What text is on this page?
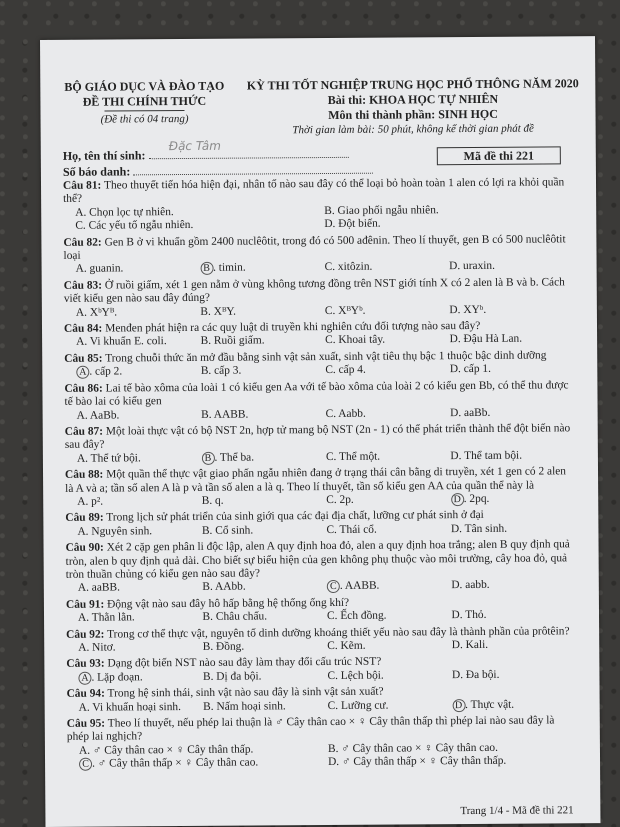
BỘ GIÁO DỤC VÀ ĐÀO TẠO
ĐỀ THI CHÍNH THỨC
(Đề thi có 04 trang)
KỲ THI TỐT NGHIỆP TRUNG HỌC PHỔ THÔNG NĂM 2020
Bài thi: KHOA HỌC TỰ NHIÊN
Môn thi thành phần: SINH HỌC
Thời gian làm bài: 50 phút, không kể thời gian phát đề
Họ, tên thí sinh:
Số báo danh:
Đặc Tâm
Mã đề thi 221
Câu 81: Theo thuyết tiến hóa hiện đại, nhân tố nào sau đây có thể loại bỏ hoàn toàn 1 alen có lợi ra khỏi quần thể?
A. Chọn lọc tự nhiên.	B. Giao phối ngẫu nhiên.
C. Các yếu tố ngẫu nhiên.	D. Đột biến.
Câu 82: Gen B ở vi khuẩn gồm 2400 nuclêôtit, trong đó có 500 ađênin. Theo lí thuyết, gen B có 500 nuclêôtit loại
A. guanin.	B . timin.	C. xitôzin.	D. uraxin.
Câu 83: Ở ruồi giấm, xét 1 gen nằm ở vùng không tương đồng trên NST giới tính X có 2 alen là B và b. Cách viết kiểu gen nào sau đây đúng?
A. XᵇYᴮ.	B. XᴮY.	C. XᴮYᵇ.	D. XYᵇ.
Câu 84: Menđen phát hiện ra các quy luật di truyền khi nghiên cứu đối tượng nào sau đây?
A. Vi khuẩn E. coli.	B. Ruồi giấm.	C. Khoai tây.	D. Đậu Hà Lan.
Câu 85: Trong chuỗi thức ăn mở đầu bằng sinh vật sản xuất, sinh vật tiêu thụ bậc 1 thuộc bậc dinh dưỡng
A . cấp 2.	B. cấp 3.	C. cấp 4.	D. cấp 1.
Câu 86: Lai tế bào xôma của loài 1 có kiểu gen Aa với tế bào xôma của loài 2 có kiểu gen Bb, có thể thu được tế bào lai có kiểu gen
A. AaBb.	B. AABB.	C. Aabb.	D. aaBb.
Câu 87: Một loài thực vật có bộ NST 2n, hợp tử mang bộ NST (2n - 1) có thể phát triển thành thể đột biến nào sau đây?
A. Thể tứ bội.	B . Thể ba.	C. Thể một.	D. Thể tam bội.
Câu 88: Một quần thể thực vật giao phấn ngẫu nhiên đang ở trạng thái cân bằng di truyền, xét 1 gen có 2 alen là A và a; tần số alen A là p và tần số alen a là q. Theo lí thuyết, tần số kiểu gen AA của quần thể này là
A. p².	B. q.	C. 2p.	D . 2pq.
Câu 89: Trong lịch sử phát triển của sinh giới qua các đại địa chất, lưỡng cư phát sinh ở đại
A. Nguyên sinh.	B. Cổ sinh.	C. Thái cổ.	D. Tân sinh.
Câu 90: Xét 2 cặp gen phân li độc lập, alen A quy định hoa đỏ, alen a quy định hoa trắng; alen B quy định quả tròn, alen b quy định quả dài. Cho biết sự biểu hiện của gen không phụ thuộc vào môi trường, cây hoa đỏ, quả tròn thuần chủng có kiểu gen nào sau đây?
A. aaBB.	B. AAbb.	C . AABB.	D. aabb.
Câu 91: Động vật nào sau đây hô hấp bằng hệ thống ống khí?
A. Thằn lằn.	B. Châu chấu.	C. Ếch đồng.	D. Thỏ.
Câu 92: Trong cơ thể thực vật, nguyên tố dinh dưỡng khoáng thiết yếu nào sau đây là thành phần của prôtêin?
A. Nitơ.	B. Đồng.	C. Kẽm.	D. Kali.
Câu 93: Dạng đột biến NST nào sau đây làm thay đổi cấu trúc NST?
A . Lặp đoạn.	B. Dị đa bội.	C. Lệch bội.	D. Đa bội.
Câu 94: Trong hệ sinh thái, sinh vật nào sau đây là sinh vật sản xuất?
A. Vi khuẩn hoại sinh.	B. Nấm hoại sinh.	C. Lưỡng cư.	D . Thực vật.
Câu 95: Theo lí thuyết, nếu phép lai thuận là ♂ Cây thân cao × ♀ Cây thân thấp thì phép lai nào sau đây là phép lai nghịch?
A. ♂ Cây thân cao × ♀ Cây thân thấp.	B. ♂ Cây thân cao × ♀ Cây thân cao.
C . ♂ Cây thân thấp × ♀ Cây thân cao.	D. ♂ Cây thân thấp × ♀ Cây thân thấp.
Trang 1/4 - Mã đề thi 221
